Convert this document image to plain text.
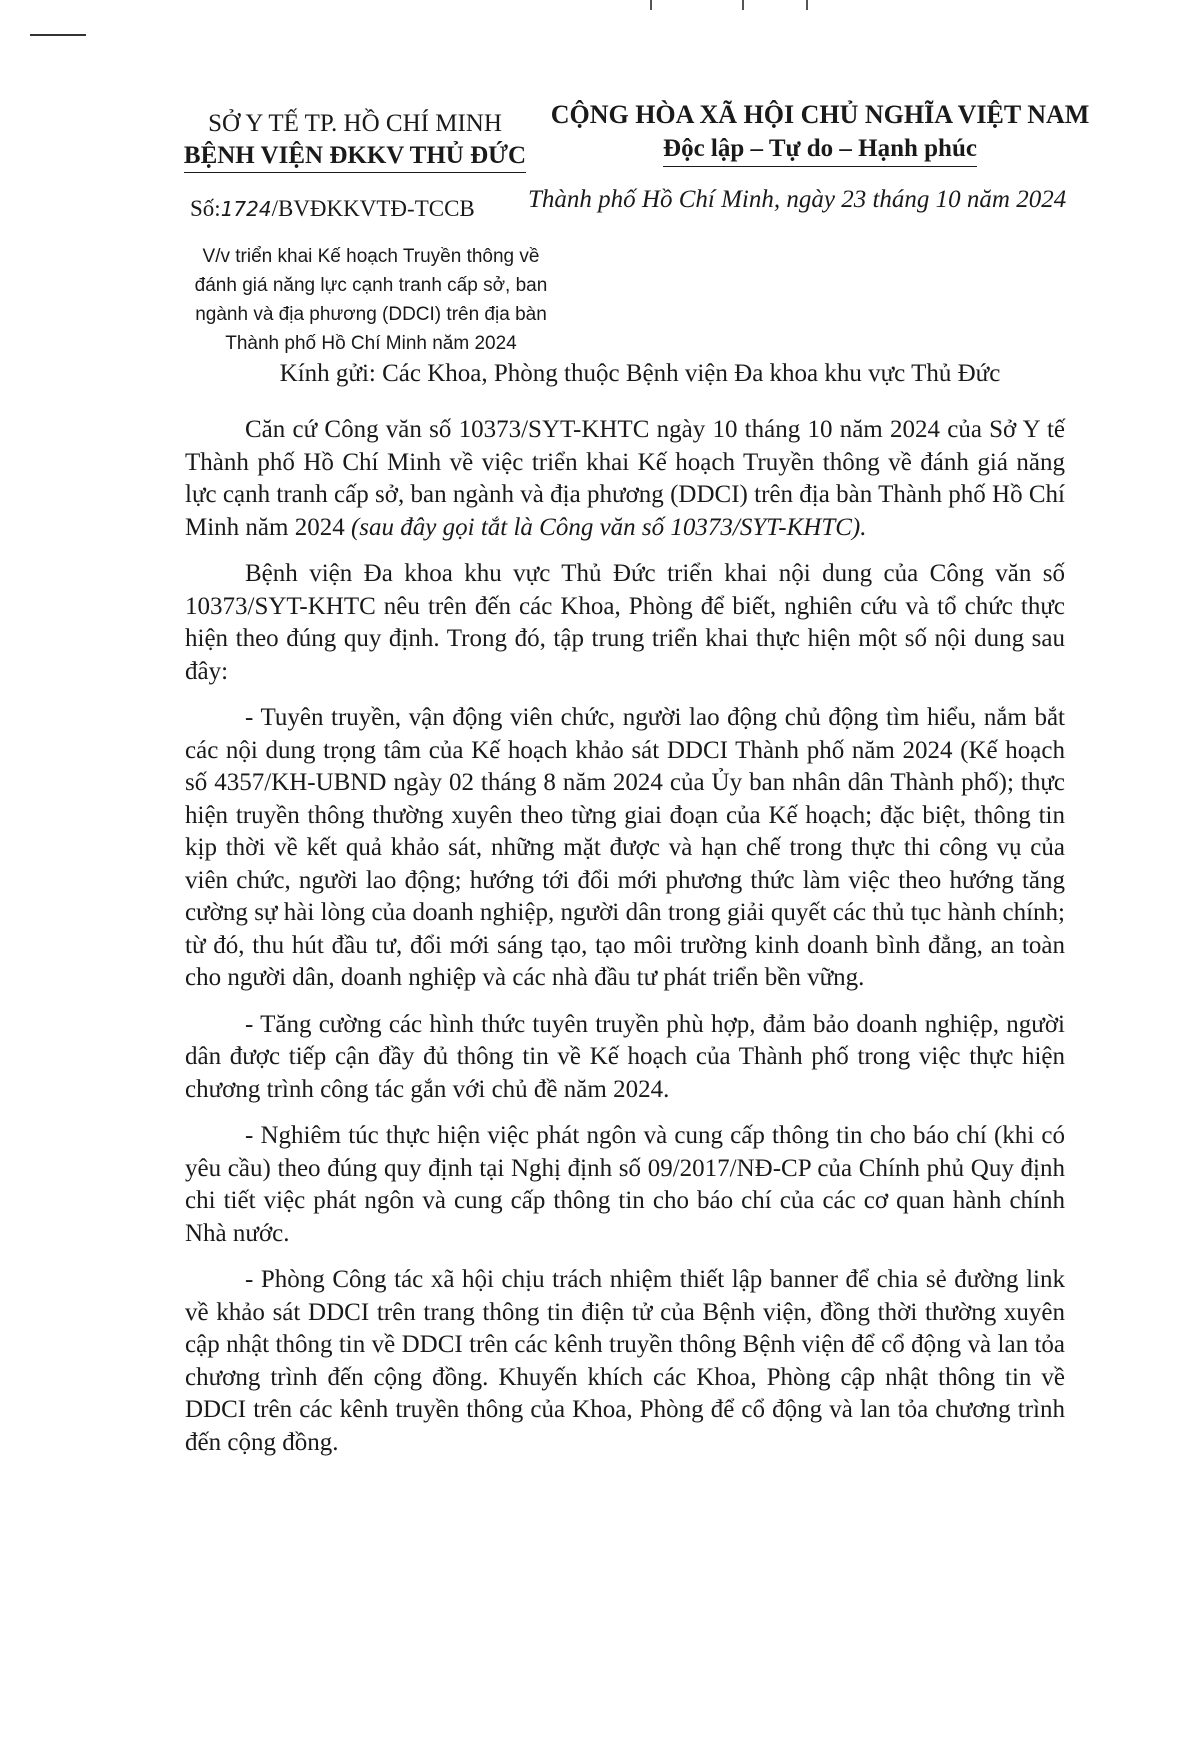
SỞ Y TẾ TP. HỒ CHÍ MINH
BỆNH VIỆN ĐKKV THỦ ĐỨC
CỘNG HÒA XÃ HỘI CHỦ NGHĨA VIỆT NAM
Độc lập – Tự do – Hạnh phúc
Số:1724/BVĐKKVTĐ-TCCB Thành phố Hồ Chí Minh, ngày 23 tháng 10 năm 2024
V/v triển khai Kế hoạch Truyền thông về đánh giá năng lực cạnh tranh cấp sở, ban ngành và địa phương (DDCI) trên địa bàn Thành phố Hồ Chí Minh năm 2024
Kính gửi: Các Khoa, Phòng thuộc Bệnh viện Đa khoa khu vực Thủ Đức

Căn cứ Công văn số 10373/SYT-KHTC ngày 10 tháng 10 năm 2024 của Sở Y tế Thành phố Hồ Chí Minh về việc triển khai Kế hoạch Truyền thông về đánh giá năng lực cạnh tranh cấp sở, ban ngành và địa phương (DDCI) trên địa bàn Thành phố Hồ Chí Minh năm 2024 (sau đây gọi tắt là Công văn số 10373/SYT-KHTC).

Bệnh viện Đa khoa khu vực Thủ Đức triển khai nội dung của Công văn số 10373/SYT-KHTC nêu trên đến các Khoa, Phòng để biết, nghiên cứu và tổ chức thực hiện theo đúng quy định. Trong đó, tập trung triển khai thực hiện một số nội dung sau đây:

- Tuyên truyền, vận động viên chức, người lao động chủ động tìm hiểu, nắm bắt các nội dung trọng tâm của Kế hoạch khảo sát DDCI Thành phố năm 2024 (Kế hoạch số 4357/KH-UBND ngày 02 tháng 8 năm 2024 của Ủy ban nhân dân Thành phố); thực hiện truyền thông thường xuyên theo từng giai đoạn của Kế hoạch; đặc biệt, thông tin kịp thời về kết quả khảo sát, những mặt được và hạn chế trong thực thi công vụ của viên chức, người lao động; hướng tới đổi mới phương thức làm việc theo hướng tăng cường sự hài lòng của doanh nghiệp, người dân trong giải quyết các thủ tục hành chính; từ đó, thu hút đầu tư, đổi mới sáng tạo, tạo môi trường kinh doanh bình đẳng, an toàn cho người dân, doanh nghiệp và các nhà đầu tư phát triển bền vững.

- Tăng cường các hình thức tuyên truyền phù hợp, đảm bảo doanh nghiệp, người dân được tiếp cận đầy đủ thông tin về Kế hoạch của Thành phố trong việc thực hiện chương trình công tác gắn với chủ đề năm 2024.

- Nghiêm túc thực hiện việc phát ngôn và cung cấp thông tin cho báo chí (khi có yêu cầu) theo đúng quy định tại Nghị định số 09/2017/NĐ-CP của Chính phủ Quy định chi tiết việc phát ngôn và cung cấp thông tin cho báo chí của các cơ quan hành chính Nhà nước.

- Phòng Công tác xã hội chịu trách nhiệm thiết lập banner để chia sẻ đường link về khảo sát DDCI trên trang thông tin điện tử của Bệnh viện, đồng thời thường xuyên cập nhật thông tin về DDCI trên các kênh truyền thông Bệnh viện để cổ động và lan tỏa chương trình đến cộng đồng. Khuyến khích các Khoa, Phòng cập nhật thông tin về DDCI trên các kênh truyền thông của Khoa, Phòng để cổ động và lan tỏa chương trình đến cộng đồng.
